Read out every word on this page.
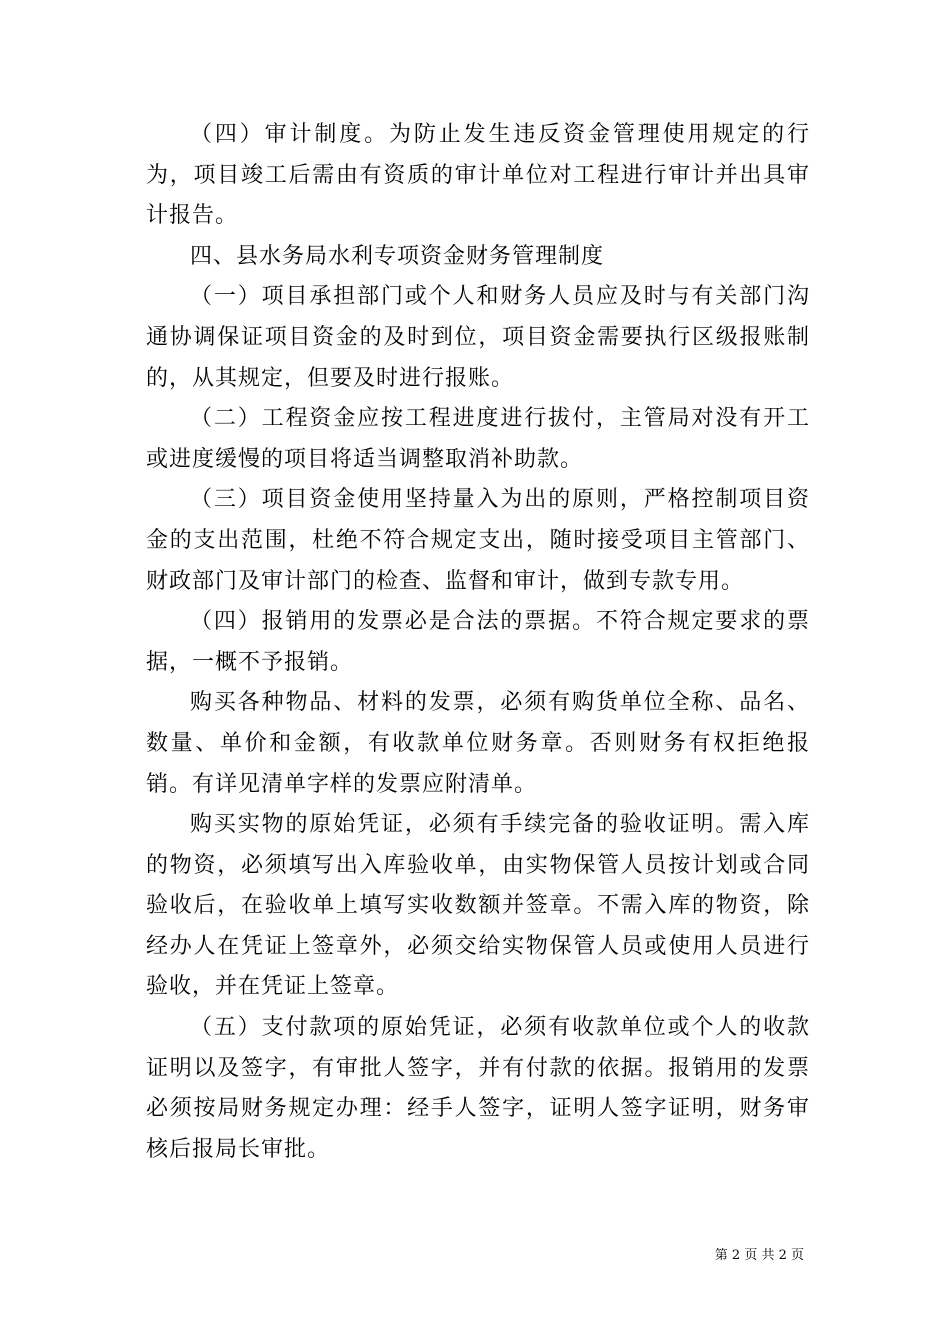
（四）审计制度。为防止发生违反资金管理使用规定的行为，项目竣工后需由有资质的审计单位对工程进行审计并出具审计报告。

四、县水务局水利专项资金财务管理制度

（一）项目承担部门或个人和财务人员应及时与有关部门沟通协调保证项目资金的及时到位，项目资金需要执行区级报账制的，从其规定，但要及时进行报账。

（二）工程资金应按工程进度进行拔付，主管局对没有开工或进度缓慢的项目将适当调整取消补助款。

（三）项目资金使用坚持量入为出的原则，严格控制项目资金的支出范围，杜绝不符合规定支出，随时接受项目主管部门、财政部门及审计部门的检查、监督和审计，做到专款专用。

（四）报销用的发票必是合法的票据。不符合规定要求的票据，一概不予报销。

购买各种物品、材料的发票，必须有购货单位全称、品名、数量、单价和金额，有收款单位财务章。否则财务有权拒绝报销。有详见清单字样的发票应附清单。

购买实物的原始凭证，必须有手续完备的验收证明。需入库的物资，必须填写出入库验收单，由实物保管人员按计划或合同验收后，在验收单上填写实收数额并签章。不需入库的物资，除经办人在凭证上签章外，必须交给实物保管人员或使用人员进行验收，并在凭证上签章。

（五）支付款项的原始凭证，必须有收款单位或个人的收款证明以及签字，有审批人签字，并有付款的依据。报销用的发票必须按局财务规定办理：经手人签字，证明人签字证明，财务审核后报局长审批。

第 2 页 共 2 页
